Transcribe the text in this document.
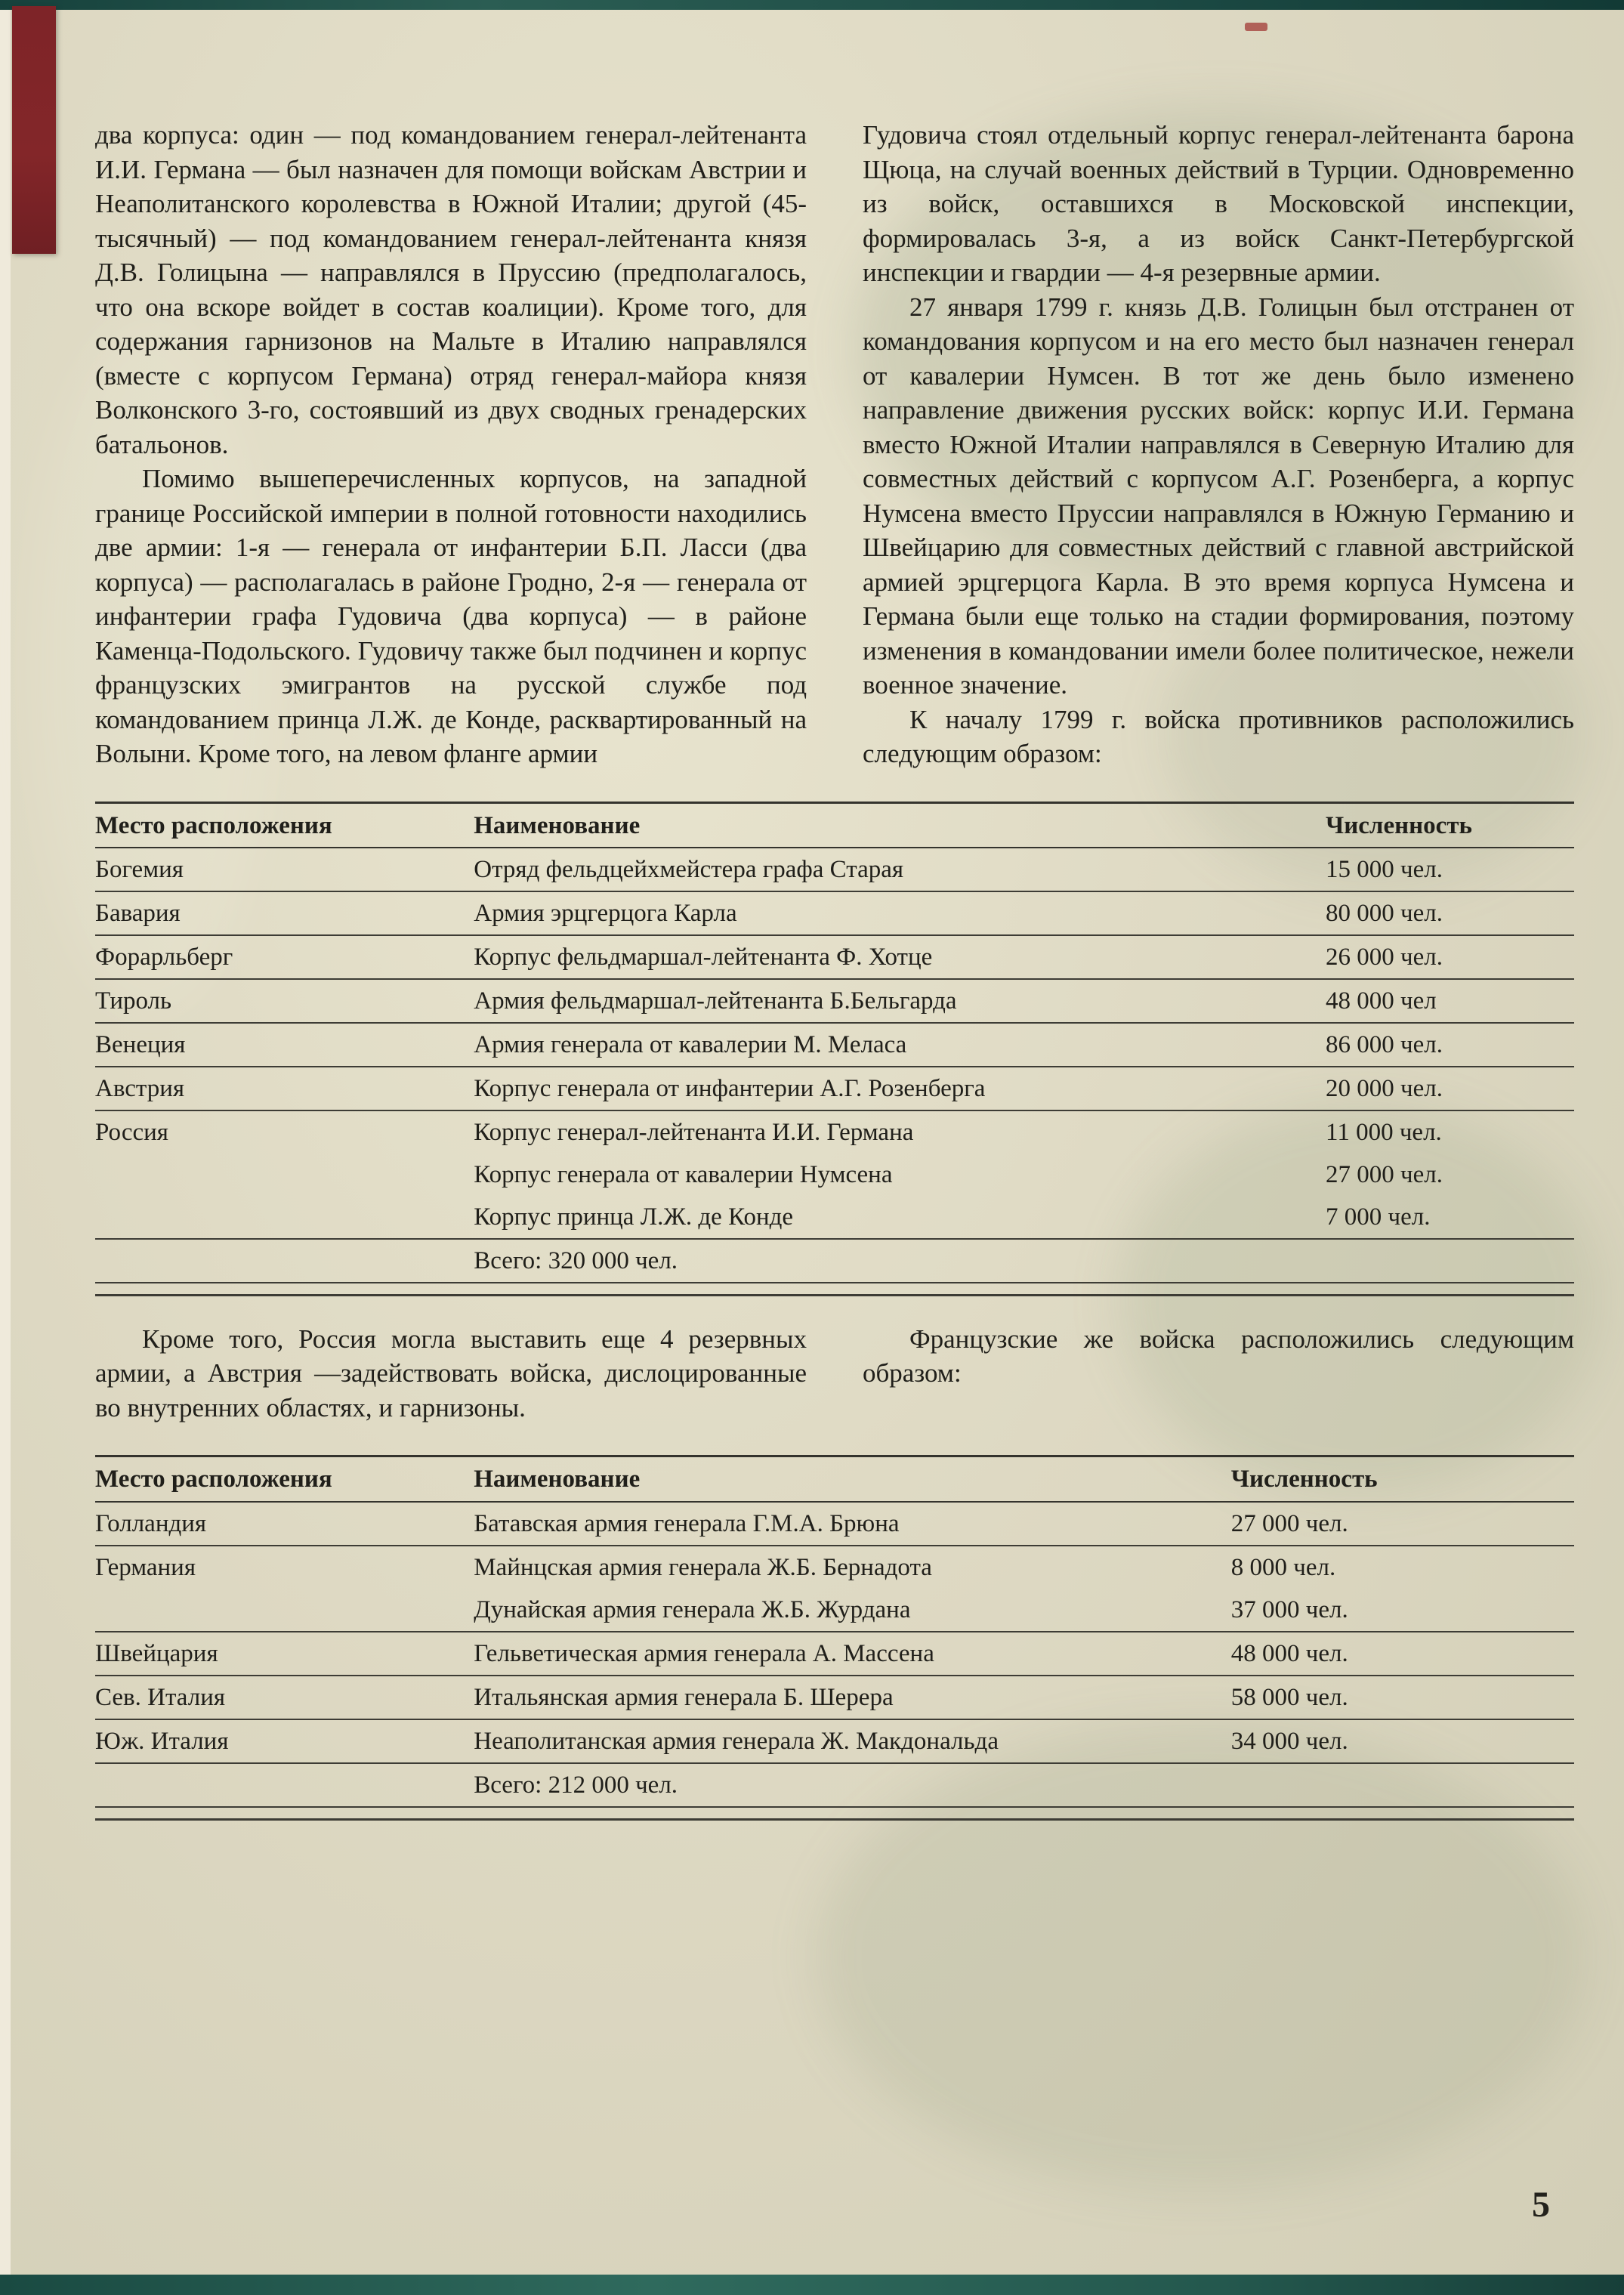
два корпуса: один — под командованием генерал-лейтенанта И.И. Германа — был назначен для помощи войскам Австрии и Неаполитанского королевства в Южной Италии; другой (45-тысячный) — под командованием генерал-лейтенанта князя Д.В. Голицына — направлялся в Пруссию (предполагалось, что она вскоре войдет в состав коалиции). Кроме того, для содержания гарнизонов на Мальте в Италию направлялся (вместе с корпусом Германа) отряд генерал-майора князя Волконского 3-го, состоявший из двух сводных гренадерских батальонов.

Помимо вышеперечисленных корпусов, на западной границе Российской империи в полной готовности находились две армии: 1-я — генерала от инфантерии Б.П. Ласси (два корпуса) — располагалась в районе Гродно, 2-я — генерала от инфантерии графа Гудовича (два корпуса) — в районе Каменца-Подольского. Гудовичу также был подчинен и корпус французских эмигрантов на русской службе под командованием принца Л.Ж. де Конде, расквартированный на Волыни. Кроме того, на левом фланге армии

Гудовича стоял отдельный корпус генерал-лейтенанта барона Щюца, на случай военных действий в Турции. Одновременно из войск, оставшихся в Московской инспекции, формировалась 3-я, а из войск Санкт-Петербургской инспекции и гвардии — 4-я резервные армии.

27 января 1799 г. князь Д.В. Голицын был отстранен от командования корпусом и на его место был назначен генерал от кавалерии Нумсен. В тот же день было изменено направление движения русских войск: корпус И.И. Германа вместо Южной Италии направлялся в Северную Италию для совместных действий с корпусом А.Г. Розенберга, а корпус Нумсена вместо Пруссии направлялся в Южную Германию и Швейцарию для совместных действий с главной австрийской армией эрцгерцога Карла. В это время корпуса Нумсена и Германа были еще только на стадии формирования, поэтому изменения в командовании имели более политическое, нежели военное значение.

К началу 1799 г. войска противников расположились следующим образом:

Место расположения	Наименование	Численность
Богемия	Отряд фельдцейхмейстера графа Старая	15 000 чел.
Бавария	Армия эрцгерцога Карла	80 000 чел.
Форарльберг	Корпус фельдмаршал-лейтенанта Ф. Хотце	26 000 чел.
Тироль	Армия фельдмаршал-лейтенанта Б.Бельгарда	48 000 чел
Венеция	Армия генерала от кавалерии М. Меласа	86 000 чел.
Австрия	Корпус генерала от инфантерии А.Г. Розенберга	20 000 чел.
Россия	Корпус генерал-лейтенанта И.И. Германа	11 000 чел.
	Корпус генерала от кавалерии Нумсена	27 000 чел.
	Корпус принца Л.Ж. де Конде	7 000 чел.
	Всего: 320 000 чел.	

Кроме того, Россия могла выставить еще 4 резервных армии, а Австрия —задействовать войска, дислоцированные во внутренних областях, и гарнизоны.

Французские же войска расположились следующим образом:

Место расположения	Наименование	Численность
Голландия	Батавская армия генерала Г.М.А. Брюна	27 000 чел.
Германия	Майнцская армия генерала Ж.Б. Бернадота	8 000 чел.
	Дунайская армия генерала Ж.Б. Журдана	37 000 чел.
Швейцария	Гельветическая армия генерала А. Массена	48 000 чел.
Сев. Италия	Итальянская армия генерала Б. Шерера	58 000 чел.
Юж. Италия	Неаполитанская армия генерала Ж. Макдональда	34 000 чел.
	Всего: 212 000 чел.	
5
